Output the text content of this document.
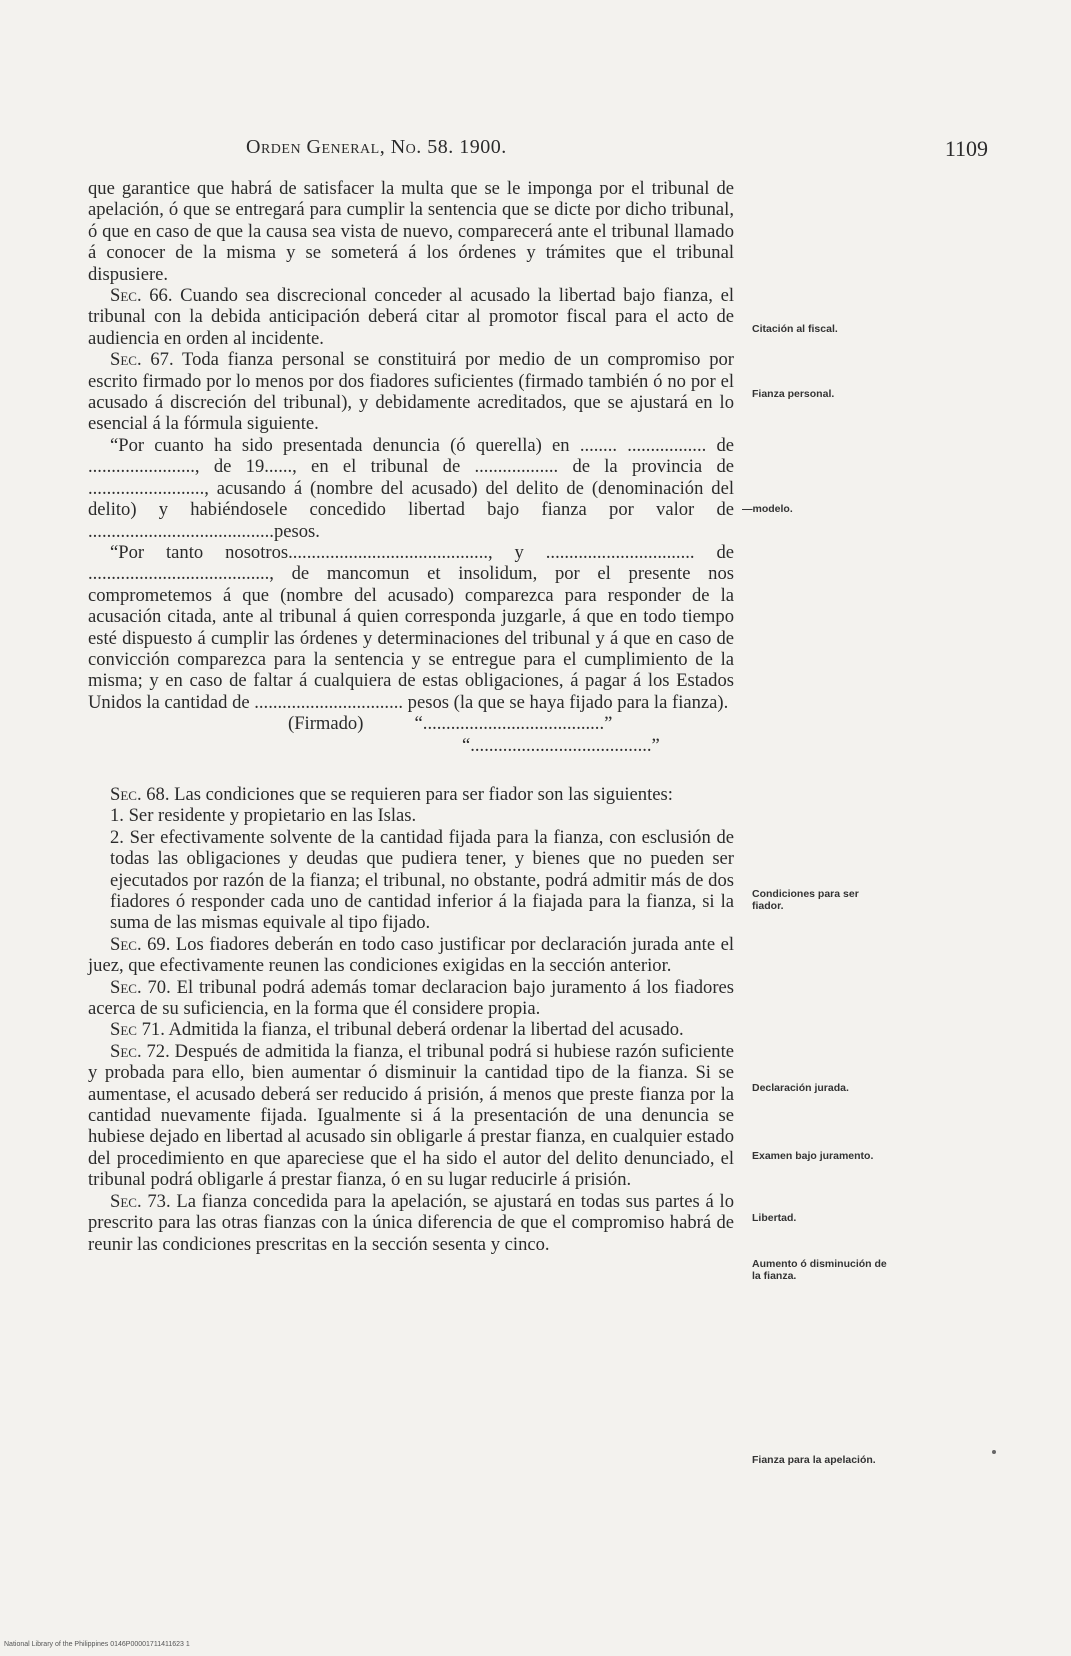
Orden General, No. 58. 1900.	1109

que garantice que habrá de satisfacer la multa que se le imponga por el tribunal de apelación, ó que se entregará para cumplir la sentencia que se dicte por dicho tribunal, ó que en caso de que la causa sea vista de nuevo, comparecerá ante el tribunal llamado á conocer de la misma y se someterá á los órdenes y trámites que el tribunal dispusiere.

Sec. 66. Cuando sea discrecional conceder al acusado la libertad bajo fianza, el tribunal con la debida anticipación deberá citar al promotor fiscal para el acto de audiencia en orden al incidente.

Sec. 67. Toda fianza personal se constituirá por medio de un compromiso por escrito firmado por lo menos por dos fiadores suficientes (firmado también ó no por el acusado á discreción del tribunal), y debidamente acreditados, que se ajustará en lo esencial á la fórmula siguiente.

“Por cuanto ha sido presentada denuncia (ó querella) en ........ ................. de ......................., de 19......, en el tribunal de .................. de la provincia de ........................., acusando á (nombre del acusado) del delito de (denominación del delito) y habiéndosele concedido libertad bajo fianza por valor de ........................................pesos.

“Por tanto nosotros..........................................., y ................................ de ......................................., de mancomun et insolidum, por el presente nos comprometemos á que (nombre del acusado) comparezca para responder de la acusación citada, ante al tribunal á quien corresponda juzgarle, á que en todo tiempo esté dispuesto á cumplir las órdenes y determinaciones del tribunal y á que en caso de convicción comparezca para la sentencia y se entregue para el cumplimiento de la misma; y en caso de faltar á cualquiera de estas obligaciones, á pagar á los Estados Unidos la cantidad de ................................ pesos (la que se haya fijado para la fianza).

(Firmado)	“.......................................”

“.......................................”

Sec. 68. Las condiciones que se requieren para ser fiador son las siguientes:

1. Ser residente y propietario en las Islas.

2. Ser efectivamente solvente de la cantidad fijada para la fianza, con esclusión de todas las obligaciones y deudas que pudiera tener, y bienes que no pueden ser ejecutados por razón de la fianza; el tribunal, no obstante, podrá admitir más de dos fiadores ó responder cada uno de cantidad inferior á la fiajada para la fianza, si la suma de las mismas equivale al tipo fijado.

Sec. 69. Los fiadores deberán en todo caso justificar por declaración jurada ante el juez, que efectivamente reunen las condiciones exigidas en la sección anterior.

Sec. 70. El tribunal podrá además tomar declaracion bajo juramento á los fiadores acerca de su suficiencia, en la forma que él considere propia.

Sec 71. Admitida la fianza, el tribunal deberá ordenar la libertad del acusado.

Sec. 72. Después de admitida la fianza, el tribunal podrá si hubiese razón suficiente y probada para ello, bien aumentar ó disminuir la cantidad tipo de la fianza. Si se aumentase, el acusado deberá ser reducido á prisión, á menos que preste fianza por la cantidad nuevamente fijada. Igualmente si á la presentación de una denuncia se hubiese dejado en libertad al acusado sin obligarle á prestar fianza, en cualquier estado del procedimiento en que apareciese que el ha sido el autor del delito denunciado, el tribunal podrá obligarle á prestar fianza, ó en su lugar reducirle á prisión.

Sec. 73. La fianza concedida para la apelación, se ajustará en todas sus partes á lo prescrito para las otras fianzas con la única diferencia de que el compromiso habrá de reunir las condiciones prescritas en la sección sesenta y cinco.

Citación al fiscal.
Fianza personal.
—modelo.
Condiciones para ser fiador.
Declaración jurada.
Examen bajo juramento.
Libertad.
Aumento ó disminución de la fianza.
Fianza para la apelación.
National Library of the Philippines 0146P00001711411623 1
